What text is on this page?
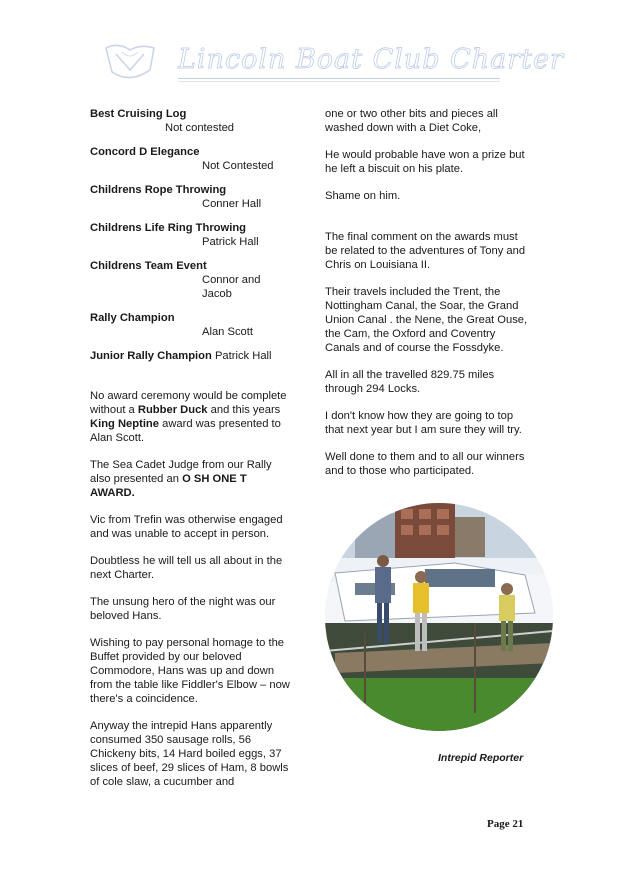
Lincoln Boat Club Charter
Best Cruising Log
Not contested
Concord D Elegance
Not Contested
Childrens Rope Throwing
Conner Hall
Childrens Life Ring Throwing
Patrick Hall
Childrens Team Event
Connor and Jacob
Rally Champion
Alan Scott
Junior Rally Champion Patrick Hall

No award ceremony would be complete without a Rubber Duck and this years King Neptine award was presented to Alan Scott.

The Sea Cadet Judge from our Rally also presented an O SH ONE T AWARD.

Vic from Trefin was otherwise engaged and was unable to accept in person.

Doubtless he will tell us all about in the next Charter.

The unsung hero of the night was our beloved Hans.

Wishing to pay personal homage to the Buffet provided by our beloved Commodore, Hans was up and down from the table like Fiddler's Elbow – now there's a coincidence.

Anyway the intrepid Hans apparently consumed 350 sausage rolls, 56 Chickeny bits, 14 Hard boiled eggs, 37 slices of beef, 29 slices of Ham, 8 bowls of cole slaw, a cucumber and

one or two other bits and pieces all washed down with a Diet Coke,

He would probable have won a prize but he left a biscuit on his plate.

Shame on him.

The final comment on the awards must be related to the adventures of Tony and Chris on Louisiana II.

Their travels included the Trent, the Nottingham Canal, the Soar, the Grand Union Canal . the Nene, the Great Ouse, the Cam, the Oxford and Coventry Canals and of course the Fossdyke.

All in all the travelled 829.75 miles through 294 Locks.

I don't know how they are going to top that next year but I am sure they will try.

Well done to them and to all our winners and to those who participated.

Intrepid Reporter
Page 21
